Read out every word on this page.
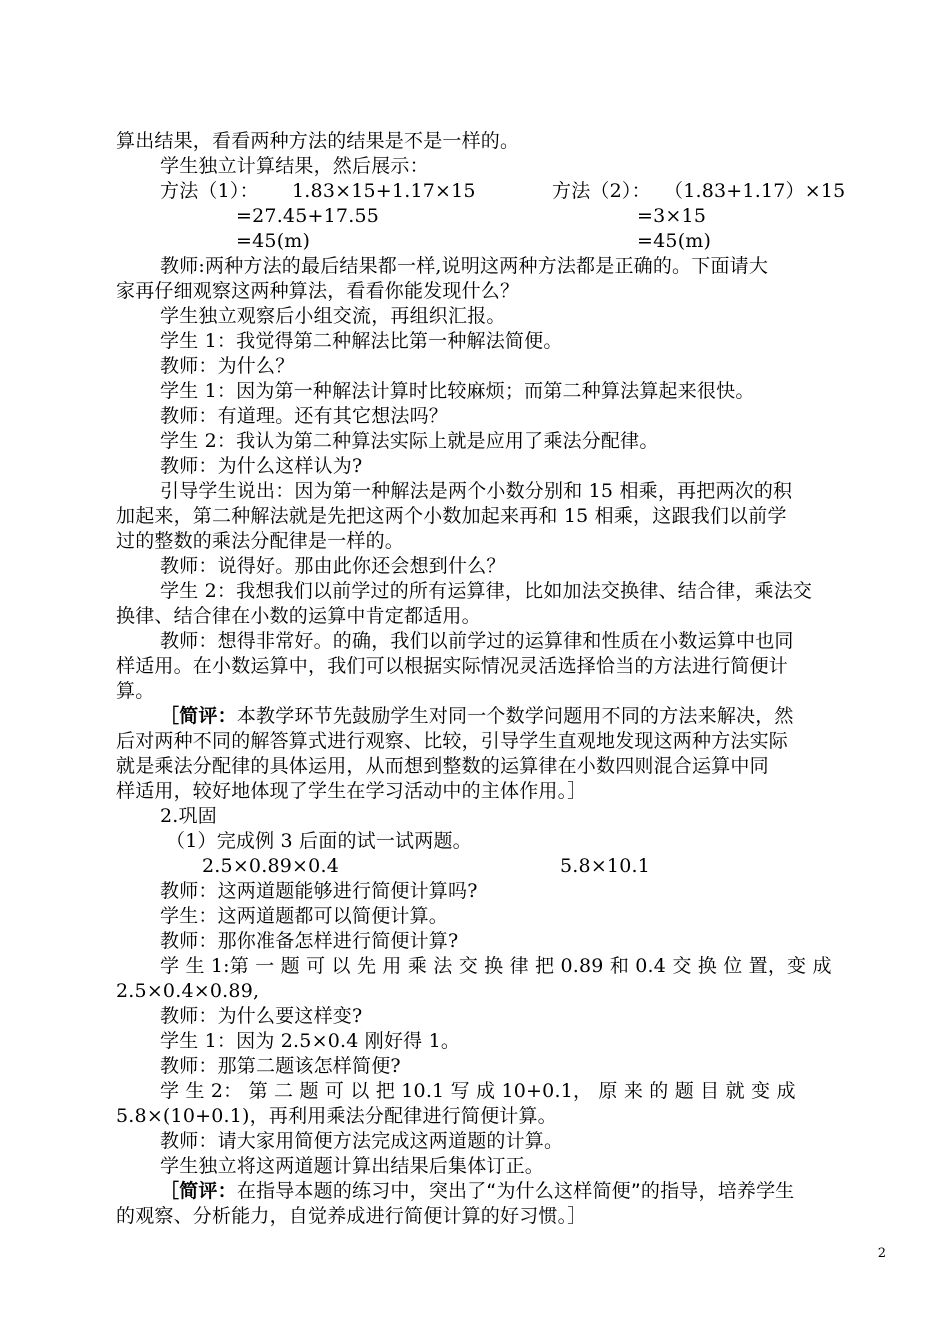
算出结果，看看两种方法的结果是不是一样的。
学生独立计算结果，然后展示：
方法（1）：	1.83×15+1.17×15	方法（2）： （1.83+1.17）×15
=27.45+17.55	=3×15
=45(m)	=45(m)
教师:两种方法的最后结果都一样,说明这两种方法都是正确的。下面请大
家再仔细观察这两种算法，看看你能发现什么？
学生独立观察后小组交流，再组织汇报。
学生 1：我觉得第二种解法比第一种解法简便。
教师：为什么？
学生 1：因为第一种解法计算时比较麻烦；而第二种算法算起来很快。
教师：有道理。还有其它想法吗？
学生 2：我认为第二种算法实际上就是应用了乘法分配律。
教师：为什么这样认为?
引导学生说出：因为第一种解法是两个小数分别和 15 相乘，再把两次的积
加起来，第二种解法就是先把这两个小数加起来再和 15 相乘，这跟我们以前学
过的整数的乘法分配律是一样的。
教师：说得好。那由此你还会想到什么？
学生 2：我想我们以前学过的所有运算律，比如加法交换律、结合律，乘法交
换律、结合律在小数的运算中肯定都适用。
教师：想得非常好。的确，我们以前学过的运算律和性质在小数运算中也同
样适用。在小数运算中，我们可以根据实际情况灵活选择恰当的方法进行简便计
算。
［简评：本教学环节先鼓励学生对同一个数学问题用不同的方法来解决，然
后对两种不同的解答算式进行观察、比较，引导学生直观地发现这两种方法实际
就是乘法分配律的具体运用，从而想到整数的运算律在小数四则混合运算中同
样适用，较好地体现了学生在学习活动中的主体作用。］
2.巩固
（1）完成例 3 后面的试一试两题。
2.5×0.89×0.4	5.8×10.1
教师：这两道题能够进行简便计算吗?
学生：这两道题都可以简便计算。
教师：那你准备怎样进行简便计算?
学 生 1:第 一 题 可 以 先 用 乘 法 交 换 律 把 0.89 和 0.4 交 换 位 置，变 成
2.5×0.4×0.89,
教师：为什么要这样变?
学生 1：因为 2.5×0.4 刚好得 1。
教师：那第二题该怎样简便?
学 生 2： 第 二 题 可 以 把 10.1 写 成 10+0.1， 原 来 的 题 目 就 变 成
5.8×(10+0.1)，再利用乘法分配律进行简便计算。
教师：请大家用简便方法完成这两道题的计算。
学生独立将这两道题计算出结果后集体订正。
［简评：在指导本题的练习中，突出了“为什么这样简便”的指导，培养学生
的观察、分析能力，自觉养成进行简便计算的好习惯。］
2
